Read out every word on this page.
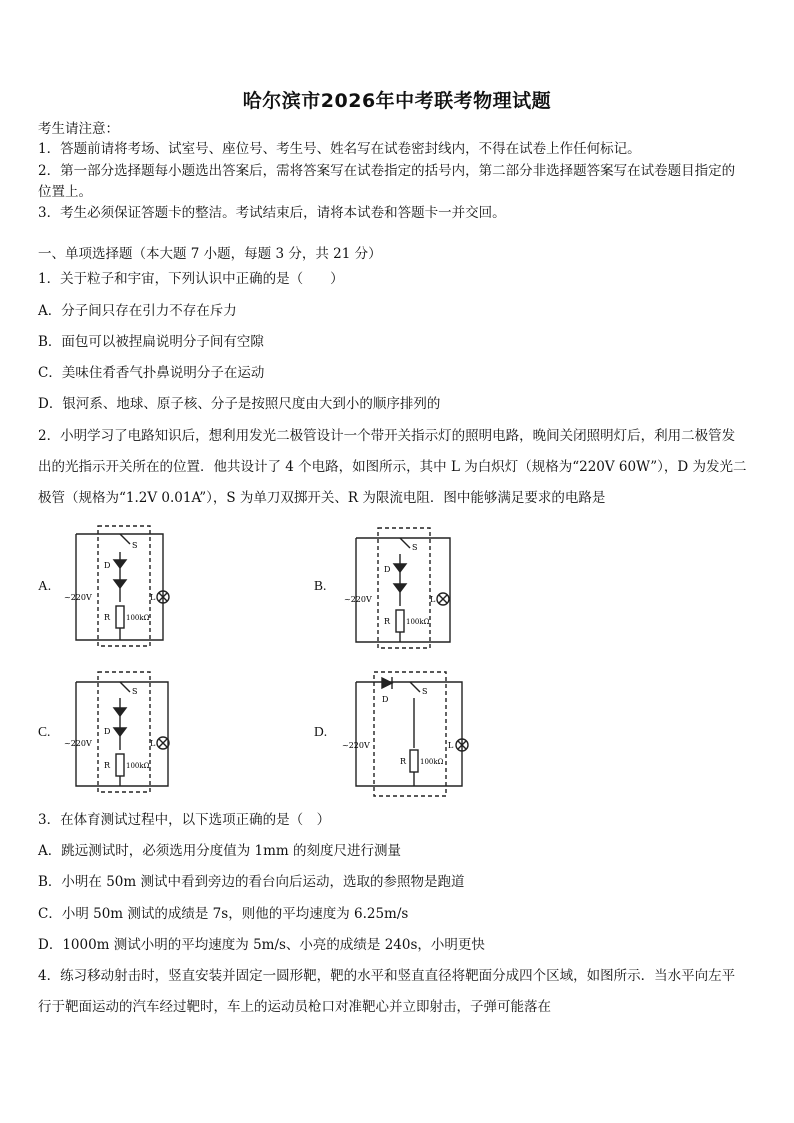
哈尔滨市2026年中考联考物理试题
考生请注意：
1．答题前请将考场、试室号、座位号、考生号、姓名写在试卷密封线内，不得在试卷上作任何标记。
2．第一部分选择题每小题选出答案后，需将答案写在试卷指定的括号内，第二部分非选择题答案写在试卷题目指定的
位置上。
3．考生必须保证答题卡的整洁。考试结束后，请将本试卷和答题卡一并交回。
一、单项选择题（本大题 7 小题，每题 3 分，共 21 分）
1．关于粒子和宇宙，下列认识中正确的是（　　）
A．分子间只存在引力不存在斥力
B．面包可以被捏扁说明分子间有空隙
C．美味住肴香气扑鼻说明分子在运动
D．银河系、地球、原子核、分子是按照尺度由大到小的顺序排列的
2．小明学习了电路知识后，想利用发光二极管设计一个带开关指示灯的照明电路，晚间关闭照明灯后，利用二极管发
出的光指示开关所在的位置．他共设计了 4 个电路，如图所示，其中 L 为白炽灯（规格为“220V 60W”），D 为发光二
极管（规格为“1.2V 0.01A”），S 为单刀双掷开关、R 为限流电阻．图中能够满足要求的电路是
A.
~220V
S
D
R 100kΩ
L
B.
~220V
S
D
R 100kΩ
L
C.
~220V
S
D
R 100kΩ
L
D.
~220V
S
D
R 100kΩ
L
3．在体育测试过程中，以下选项正确的是（　）
A．跳远测试时，必须选用分度值为 1mm 的刻度尺进行测量
B．小明在 50m 测试中看到旁边的看台向后运动，选取的参照物是跑道
C．小明 50m 测试的成绩是 7s，则他的平均速度为 6.25m/s
D．1000m 测试小明的平均速度为 5m/s、小亮的成绩是 240s，小明更快
4．练习移动射击时，竖直安装并固定一圆形靶，靶的水平和竖直直径将靶面分成四个区域，如图所示．当水平向左平
行于靶面运动的汽车经过靶时，车上的运动员枪口对准靶心并立即射击，子弹可能落在
